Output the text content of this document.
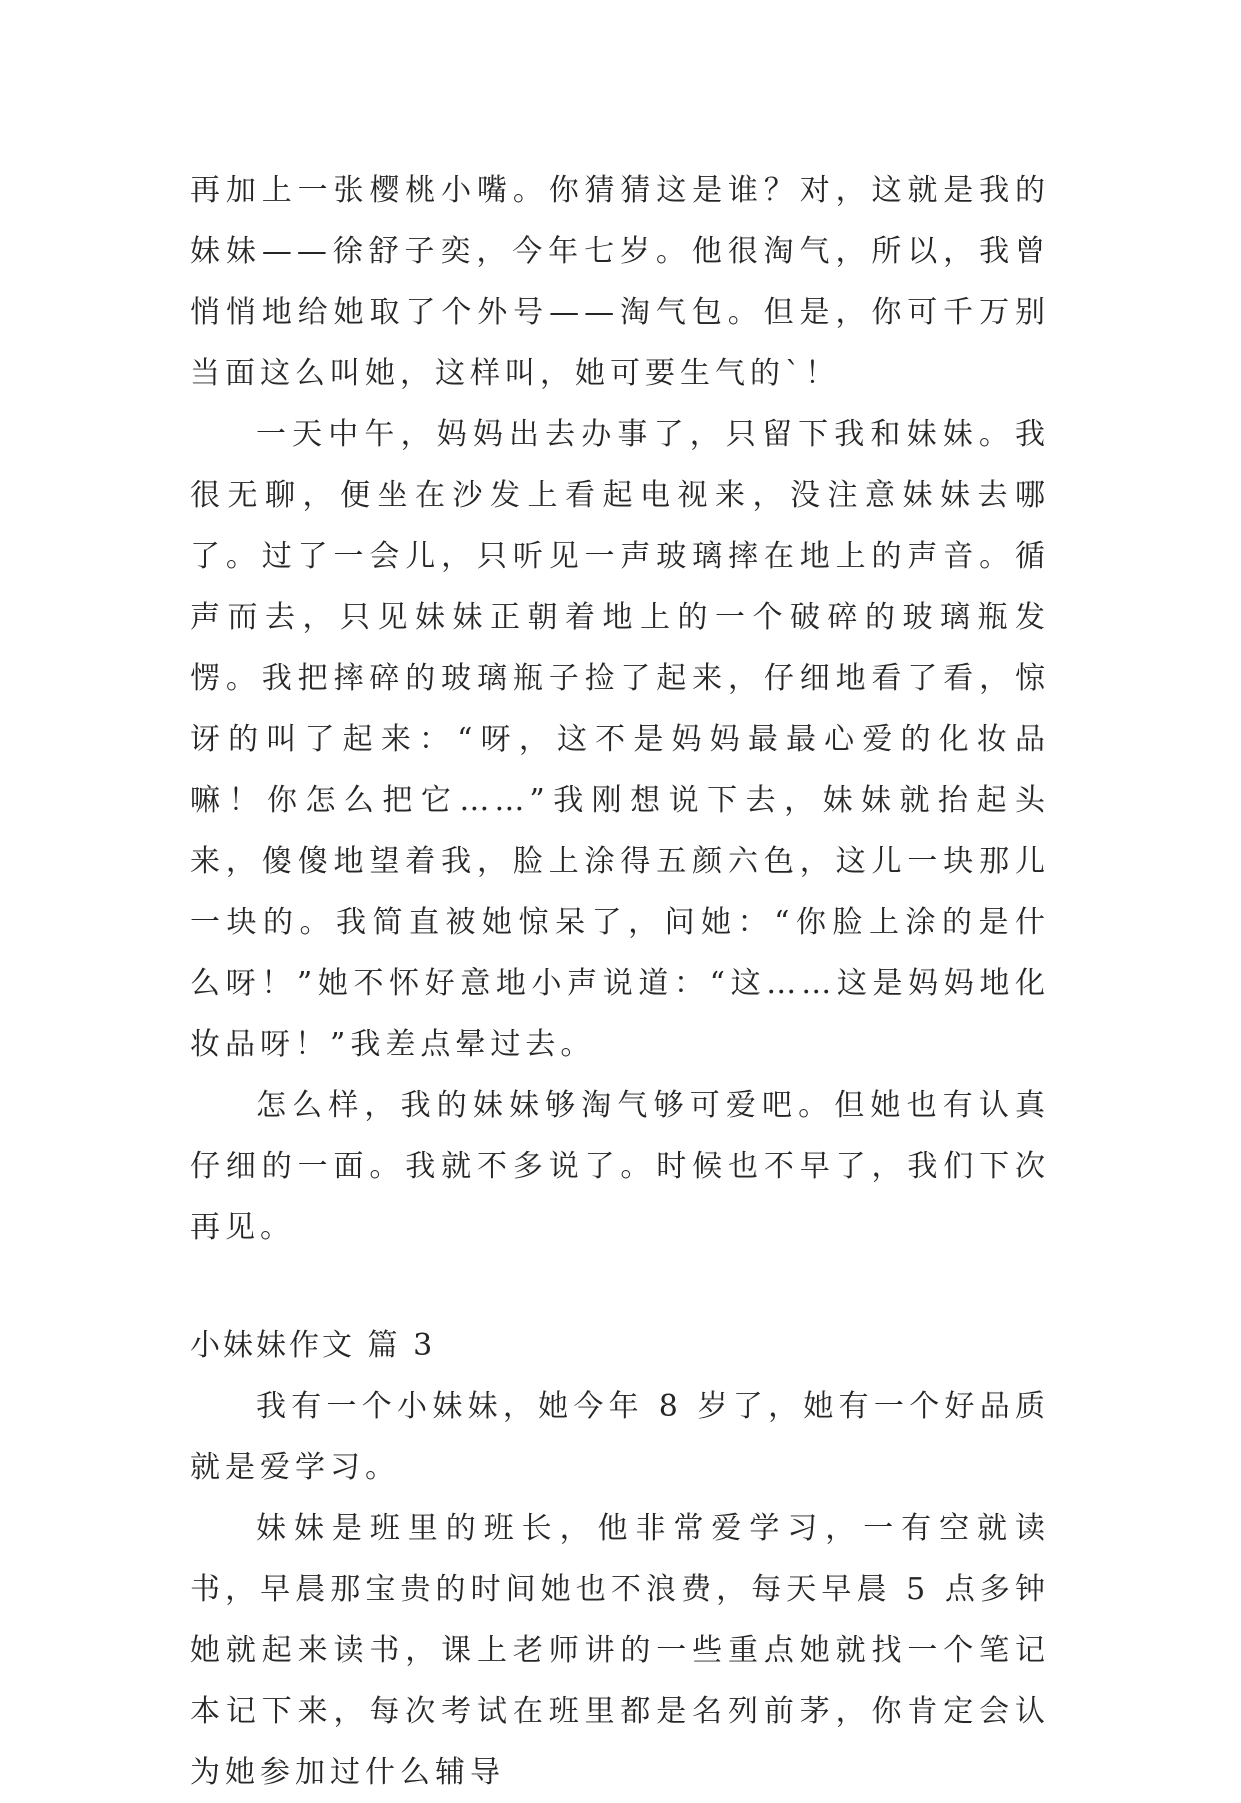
再加上一张樱桃小嘴。你猜猜这是谁？对，这就是我的妹妹——徐舒子奕，今年七岁。他很淘气，所以，我曾悄悄地给她取了个外号——淘气包。但是，你可千万别当面这么叫她，这样叫，她可要生气的`！

一天中午，妈妈出去办事了，只留下我和妹妹。我很无聊，便坐在沙发上看起电视来，没注意妹妹去哪了。过了一会儿，只听见一声玻璃摔在地上的声音。循声而去，只见妹妹正朝着地上的一个破碎的玻璃瓶发愣。我把摔碎的玻璃瓶子捡了起来，仔细地看了看，惊讶的叫了起来：“呀，这不是妈妈最最心爱的化妆品嘛！你怎么把它……”我刚想说下去，妹妹就抬起头来，傻傻地望着我，脸上涂得五颜六色，这儿一块那儿一块的。我简直被她惊呆了，问她：“你脸上涂的是什么呀！”她不怀好意地小声说道：“这……这是妈妈地化妆品呀！”我差点晕过去。

怎么样，我的妹妹够淘气够可爱吧。但她也有认真仔细的一面。我就不多说了。时候也不早了，我们下次再见。

小妹妹作文 篇 3

我有一个小妹妹，她今年 8 岁了，她有一个好品质就是爱学习。

妹妹是班里的班长，他非常爱学习，一有空就读书，早晨那宝贵的时间她也不浪费，每天早晨 5 点多钟她就起来读书，课上老师讲的一些重点她就找一个笔记本记下来，每次考试在班里都是名列前茅，你肯定会认为她参加过什么辅导
